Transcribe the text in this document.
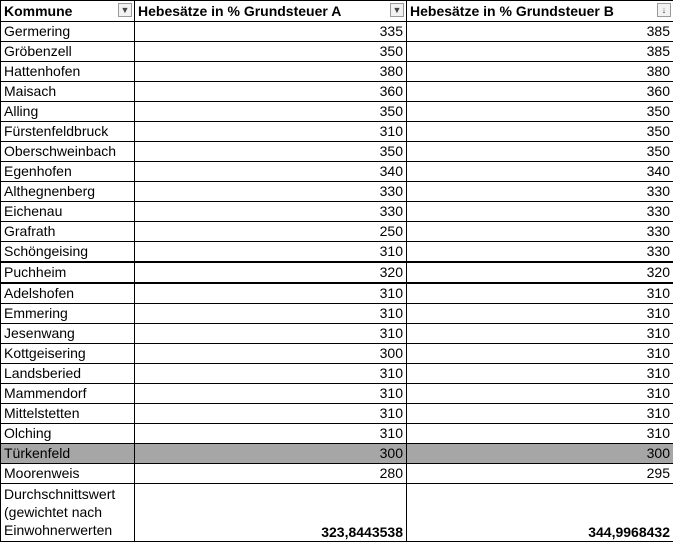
Kommune ▼	Hebesätze in % Grundsteuer A ▼	Hebesätze in % Grundsteuer B ↓

Germering	335	385
Gröbenzell	350	385
Hattenhofen	380	380
Maisach	360	360
Alling	350	350
Fürstenfeldbruck	310	350
Oberschweinbach	350	350
Egenhofen	340	340
Althegnenberg	330	330
Eichenau	330	330
Grafrath	250	330
Schöngeising	310	330
Puchheim	320	320
Adelshofen	310	310
Emmering	310	310
Jesenwang	310	310
Kottgeisering	300	310
Landsberied	310	310
Mammendorf	310	310
Mittelstetten	310	310
Olching	310	310
Türkenfeld	300	300
Moorenweis	280	295

Durchschnittswert
(gewichtet nach
Einwohnerwerten	323,8443538	344,9968432
